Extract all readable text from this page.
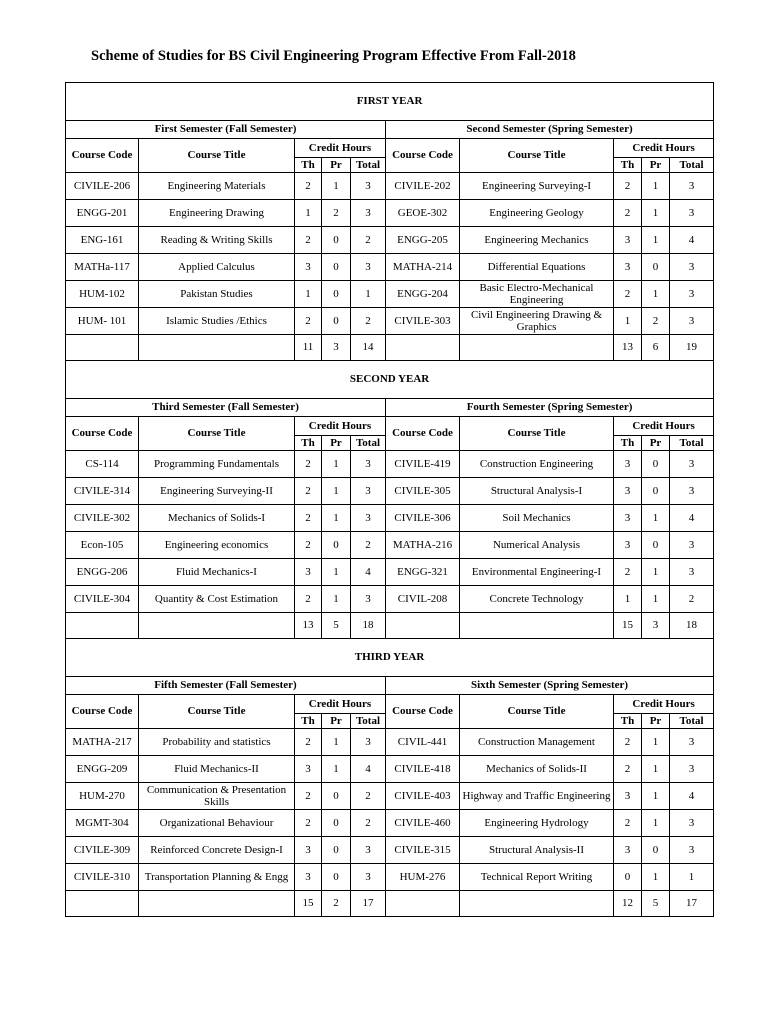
Scheme of Studies for BS Civil Engineering Program Effective From Fall-2018
FIRST YEAR									
First Semester (Fall Semester)					Second Semester (Spring Semester)				
Course Code	Course Title	Credit Hours			Course Code	Course Title	Credit Hours		
		Th	Pr	Total			Th	Pr	Total
CIVILE-206	Engineering Materials	2	1	3	CIVILE-202	Engineering Surveying-I	2	1	3
ENGG-201	Engineering Drawing	1	2	3	GEOE-302	Engineering Geology	2	1	3
ENG-161	Reading & Writing Skills	2	0	2	ENGG-205	Engineering Mechanics	3	1	4
MATHa-117	Applied Calculus	3	0	3	MATHA-214	Differential Equations	3	0	3
HUM-102	Pakistan Studies	1	0	1	ENGG-204	Basic Electro-Mechanical Engineering	2	1	3
HUM- 101	Islamic Studies /Ethics	2	0	2	CIVILE-303	Civil Engineering Drawing & Graphics	1	2	3
		11	3	14			13	6	19
SECOND YEAR									
Third Semester (Fall Semester)					Fourth Semester (Spring Semester)				
Course Code	Course Title	Credit Hours			Course Code	Course Title	Credit Hours		
		Th	Pr	Total			Th	Pr	Total
CS-114	Programming Fundamentals	2	1	3	CIVILE-419	Construction Engineering	3	0	3
CIVILE-314	Engineering Surveying-II	2	1	3	CIVILE-305	Structural Analysis-I	3	0	3
CIVILE-302	Mechanics of Solids-I	2	1	3	CIVILE-306	Soil Mechanics	3	1	4
Econ-105	Engineering economics	2	0	2	MATHA-216	Numerical Analysis	3	0	3
ENGG-206	Fluid Mechanics-I	3	1	4	ENGG-321	Environmental Engineering-I	2	1	3
CIVILE-304	Quantity & Cost Estimation	2	1	3	CIVIL-208	Concrete Technology	1	1	2
		13	5	18			15	3	18
THIRD YEAR									
Fifth Semester (Fall Semester)					Sixth Semester (Spring Semester)				
Course Code	Course Title	Credit Hours			Course Code	Course Title	Credit Hours		
		Th	Pr	Total			Th	Pr	Total
MATHA-217	Probability and statistics	2	1	3	CIVIL-441	Construction Management	2	1	3
ENGG-209	Fluid Mechanics-II	3	1	4	CIVILE-418	Mechanics of Solids-II	2	1	3
HUM-270	Communication & Presentation Skills	2	0	2	CIVILE-403	Highway and Traffic Engineering	3	1	4
MGMT-304	Organizational Behaviour	2	0	2	CIVILE-460	Engineering Hydrology	2	1	3
CIVILE-309	Reinforced Concrete Design-I	3	0	3	CIVILE-315	Structural Analysis-II	3	0	3
CIVILE-310	Transportation Planning & Engg	3	0	3	HUM-276	Technical Report Writing	0	1	1
		15	2	17			12	5	17
